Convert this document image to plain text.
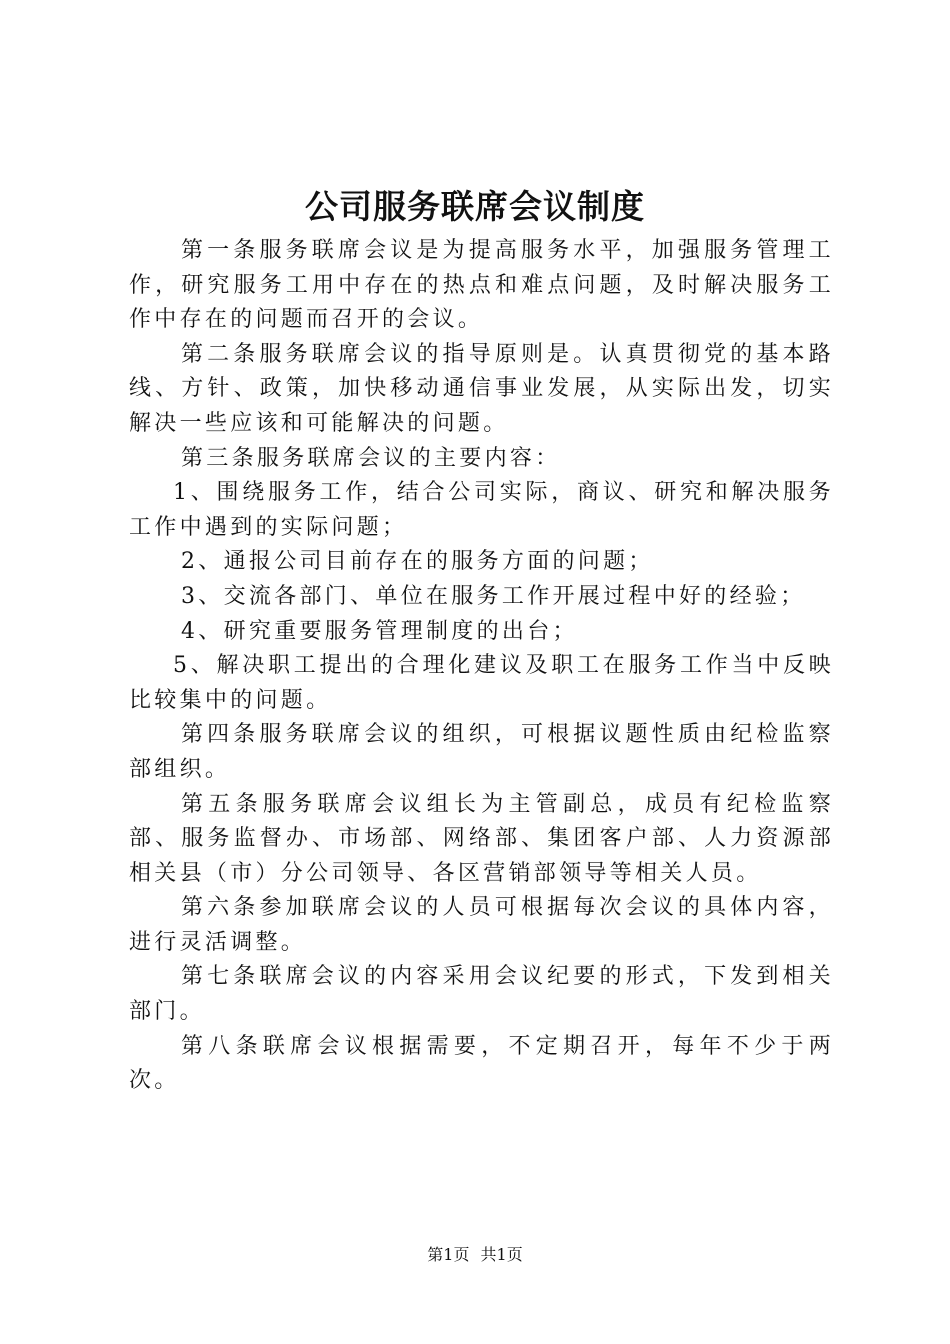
公司服务联席会议制度

第一条服务联席会议是为提高服务水平，加强服务管理工作，研究服务工用中存在的热点和难点问题，及时解决服务工作中存在的问题而召开的会议。

第二条服务联席会议的指导原则是。认真贯彻党的基本路线、方针、政策，加快移动通信事业发展，从实际出发，切实解决一些应该和可能解决的问题。

第三条服务联席会议的主要内容：

1、围绕服务工作，结合公司实际，商议、研究和解决服务工作中遇到的实际问题；

2、通报公司目前存在的服务方面的问题；

3、交流各部门、单位在服务工作开展过程中好的经验；

4、研究重要服务管理制度的出台；

5、解决职工提出的合理化建议及职工在服务工作当中反映比较集中的问题。

第四条服务联席会议的组织，可根据议题性质由纪检监察部组织。

第五条服务联席会议组长为主管副总，成员有纪检监察部、服务监督办、市场部、网络部、集团客户部、人力资源部相关县（市）分公司领导、各区营销部领导等相关人员。

第六条参加联席会议的人员可根据每次会议的具体内容，进行灵活调整。

第七条联席会议的内容采用会议纪要的形式，下发到相关部门。

第八条联席会议根据需要，不定期召开，每年不少于两次。

第1页 共1页
